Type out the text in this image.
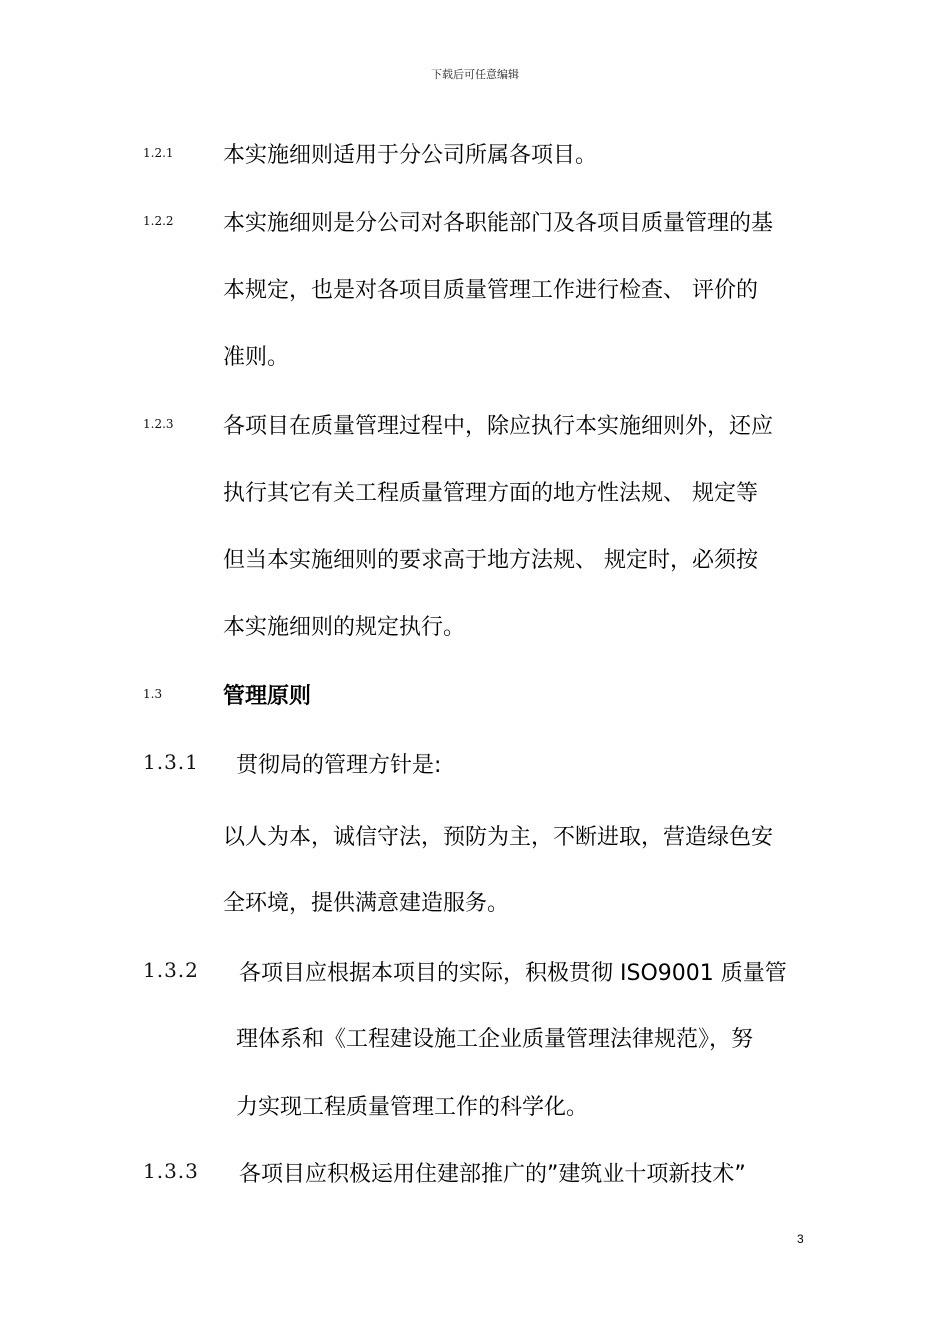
下载后可任意编辑
1.2.1 本实施细则适用于分公司所属各项目。
1.2.2 本实施细则是分公司对各职能部门及各项目质量管理的基
本规定，也是对各项目质量管理工作进行检查、 评价的
准则。
1.2.3 各项目在质量管理过程中，除应执行本实施细则外，还应
执行其它有关工程质量管理方面的地方性法规、 规定等
但当本实施细则的要求高于地方法规、 规定时，必须按
本实施细则的规定执行。
1.3	管理原则
1.3.1 贯彻局的管理方针是:
以人为本，诚信守法，预防为主，不断进取，营造绿色安
全环境，提供满意建造服务。
1.3.2 各项目应根据本项目的实际，积极贯彻 ISO9001 质量管
理体系和《工程建设施工企业质量管理法律规范》，努
力实现工程质量管理工作的科学化。
1.3.3 各项目应积极运用住建部推广的”建筑业十项新技术”
3
